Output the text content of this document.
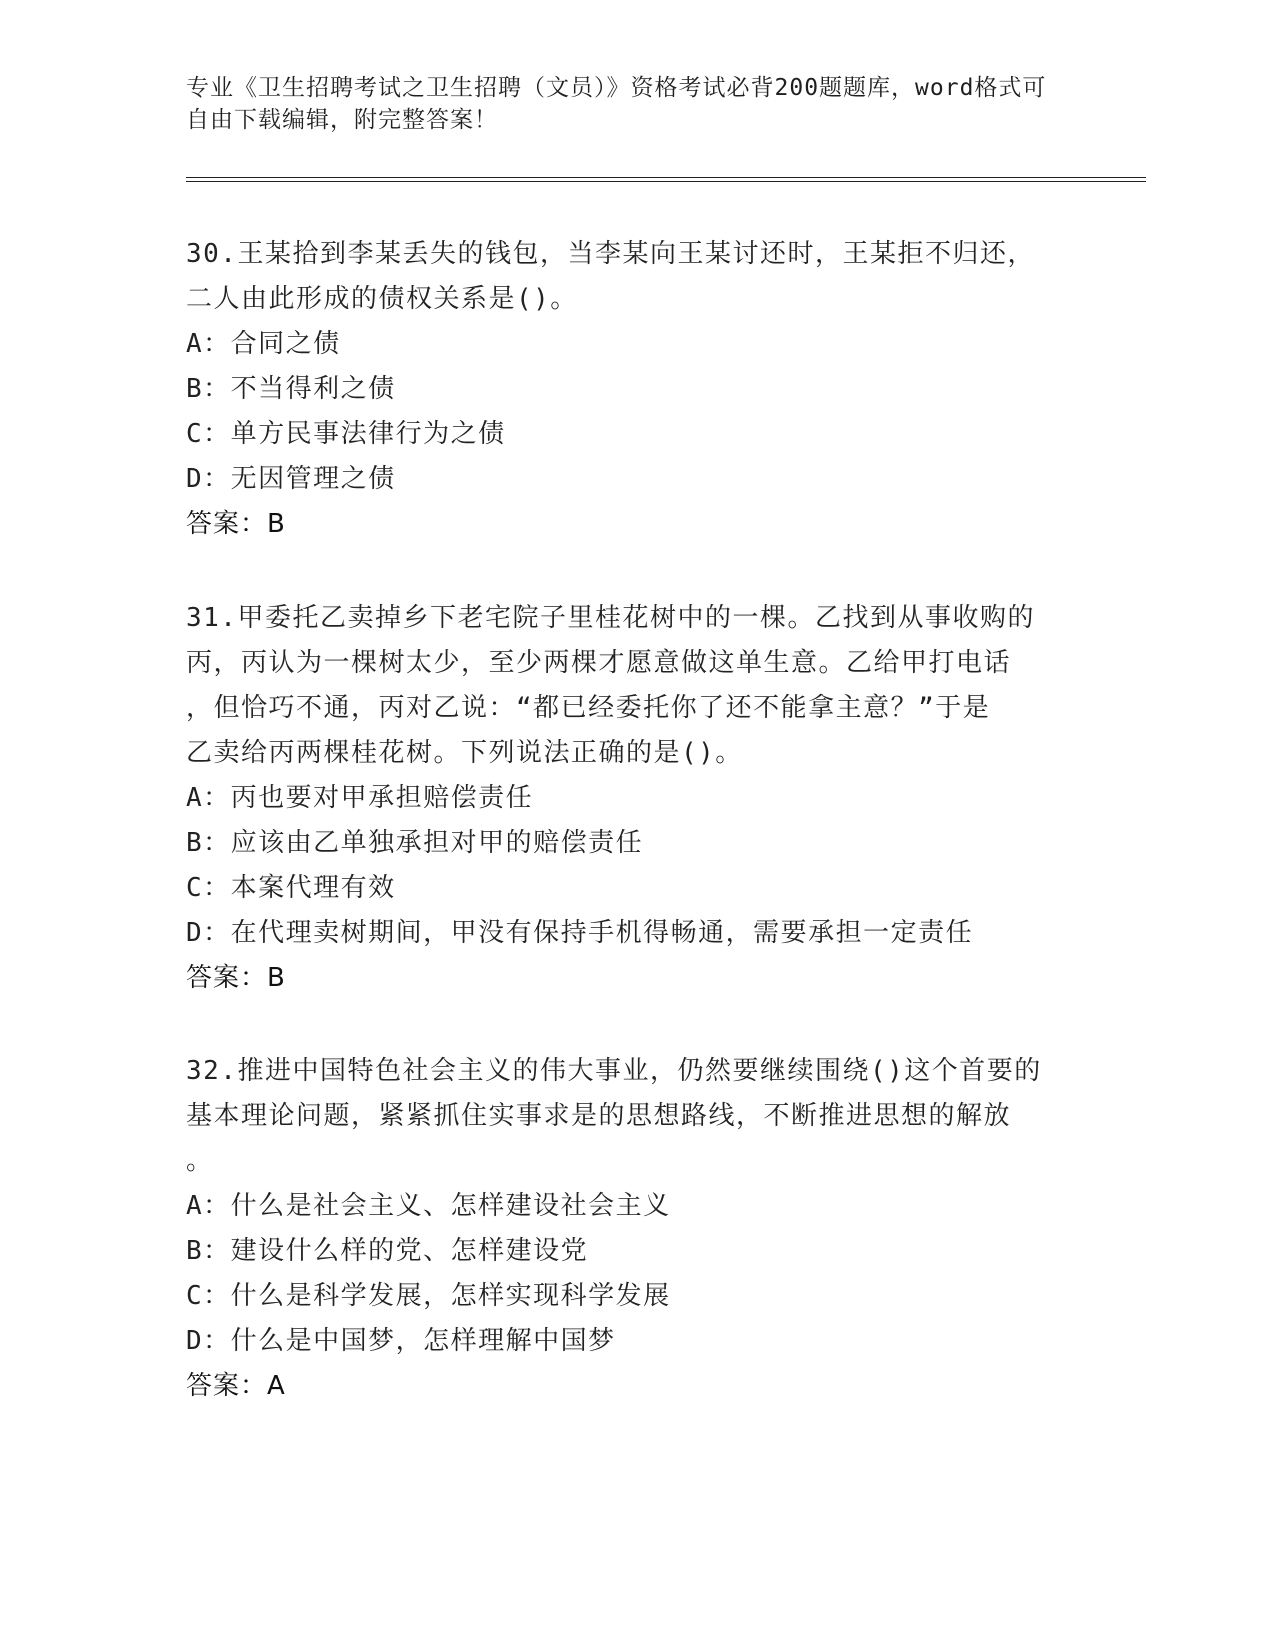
专业《卫生招聘考试之卫生招聘（文员）》资格考试必背200题题库，word格式可自由下载编辑，附完整答案！

30.王某拾到李某丢失的钱包，当李某向王某讨还时，王某拒不归还，
二人由此形成的债权关系是()。

A：合同之债
B：不当得利之债
C：单方民事法律行为之债
D：无因管理之债
答案：B

31.甲委托乙卖掉乡下老宅院子里桂花树中的一棵。乙找到从事收购的
丙，丙认为一棵树太少，至少两棵才愿意做这单生意。乙给甲打电话
，但恰巧不通，丙对乙说：“都已经委托你了还不能拿主意？”于是
乙卖给丙两棵桂花树。下列说法正确的是()。

A：丙也要对甲承担赔偿责任
B：应该由乙单独承担对甲的赔偿责任
C：本案代理有效
D：在代理卖树期间，甲没有保持手机得畅通，需要承担一定责任
答案：B

32.推进中国特色社会主义的伟大事业，仍然要继续围绕()这个首要的
基本理论问题，紧紧抓住实事求是的思想路线，不断推进思想的解放
。

A：什么是社会主义、怎样建设社会主义
B：建设什么样的党、怎样建设党
C：什么是科学发展，怎样实现科学发展
D：什么是中国梦，怎样理解中国梦
答案：A
